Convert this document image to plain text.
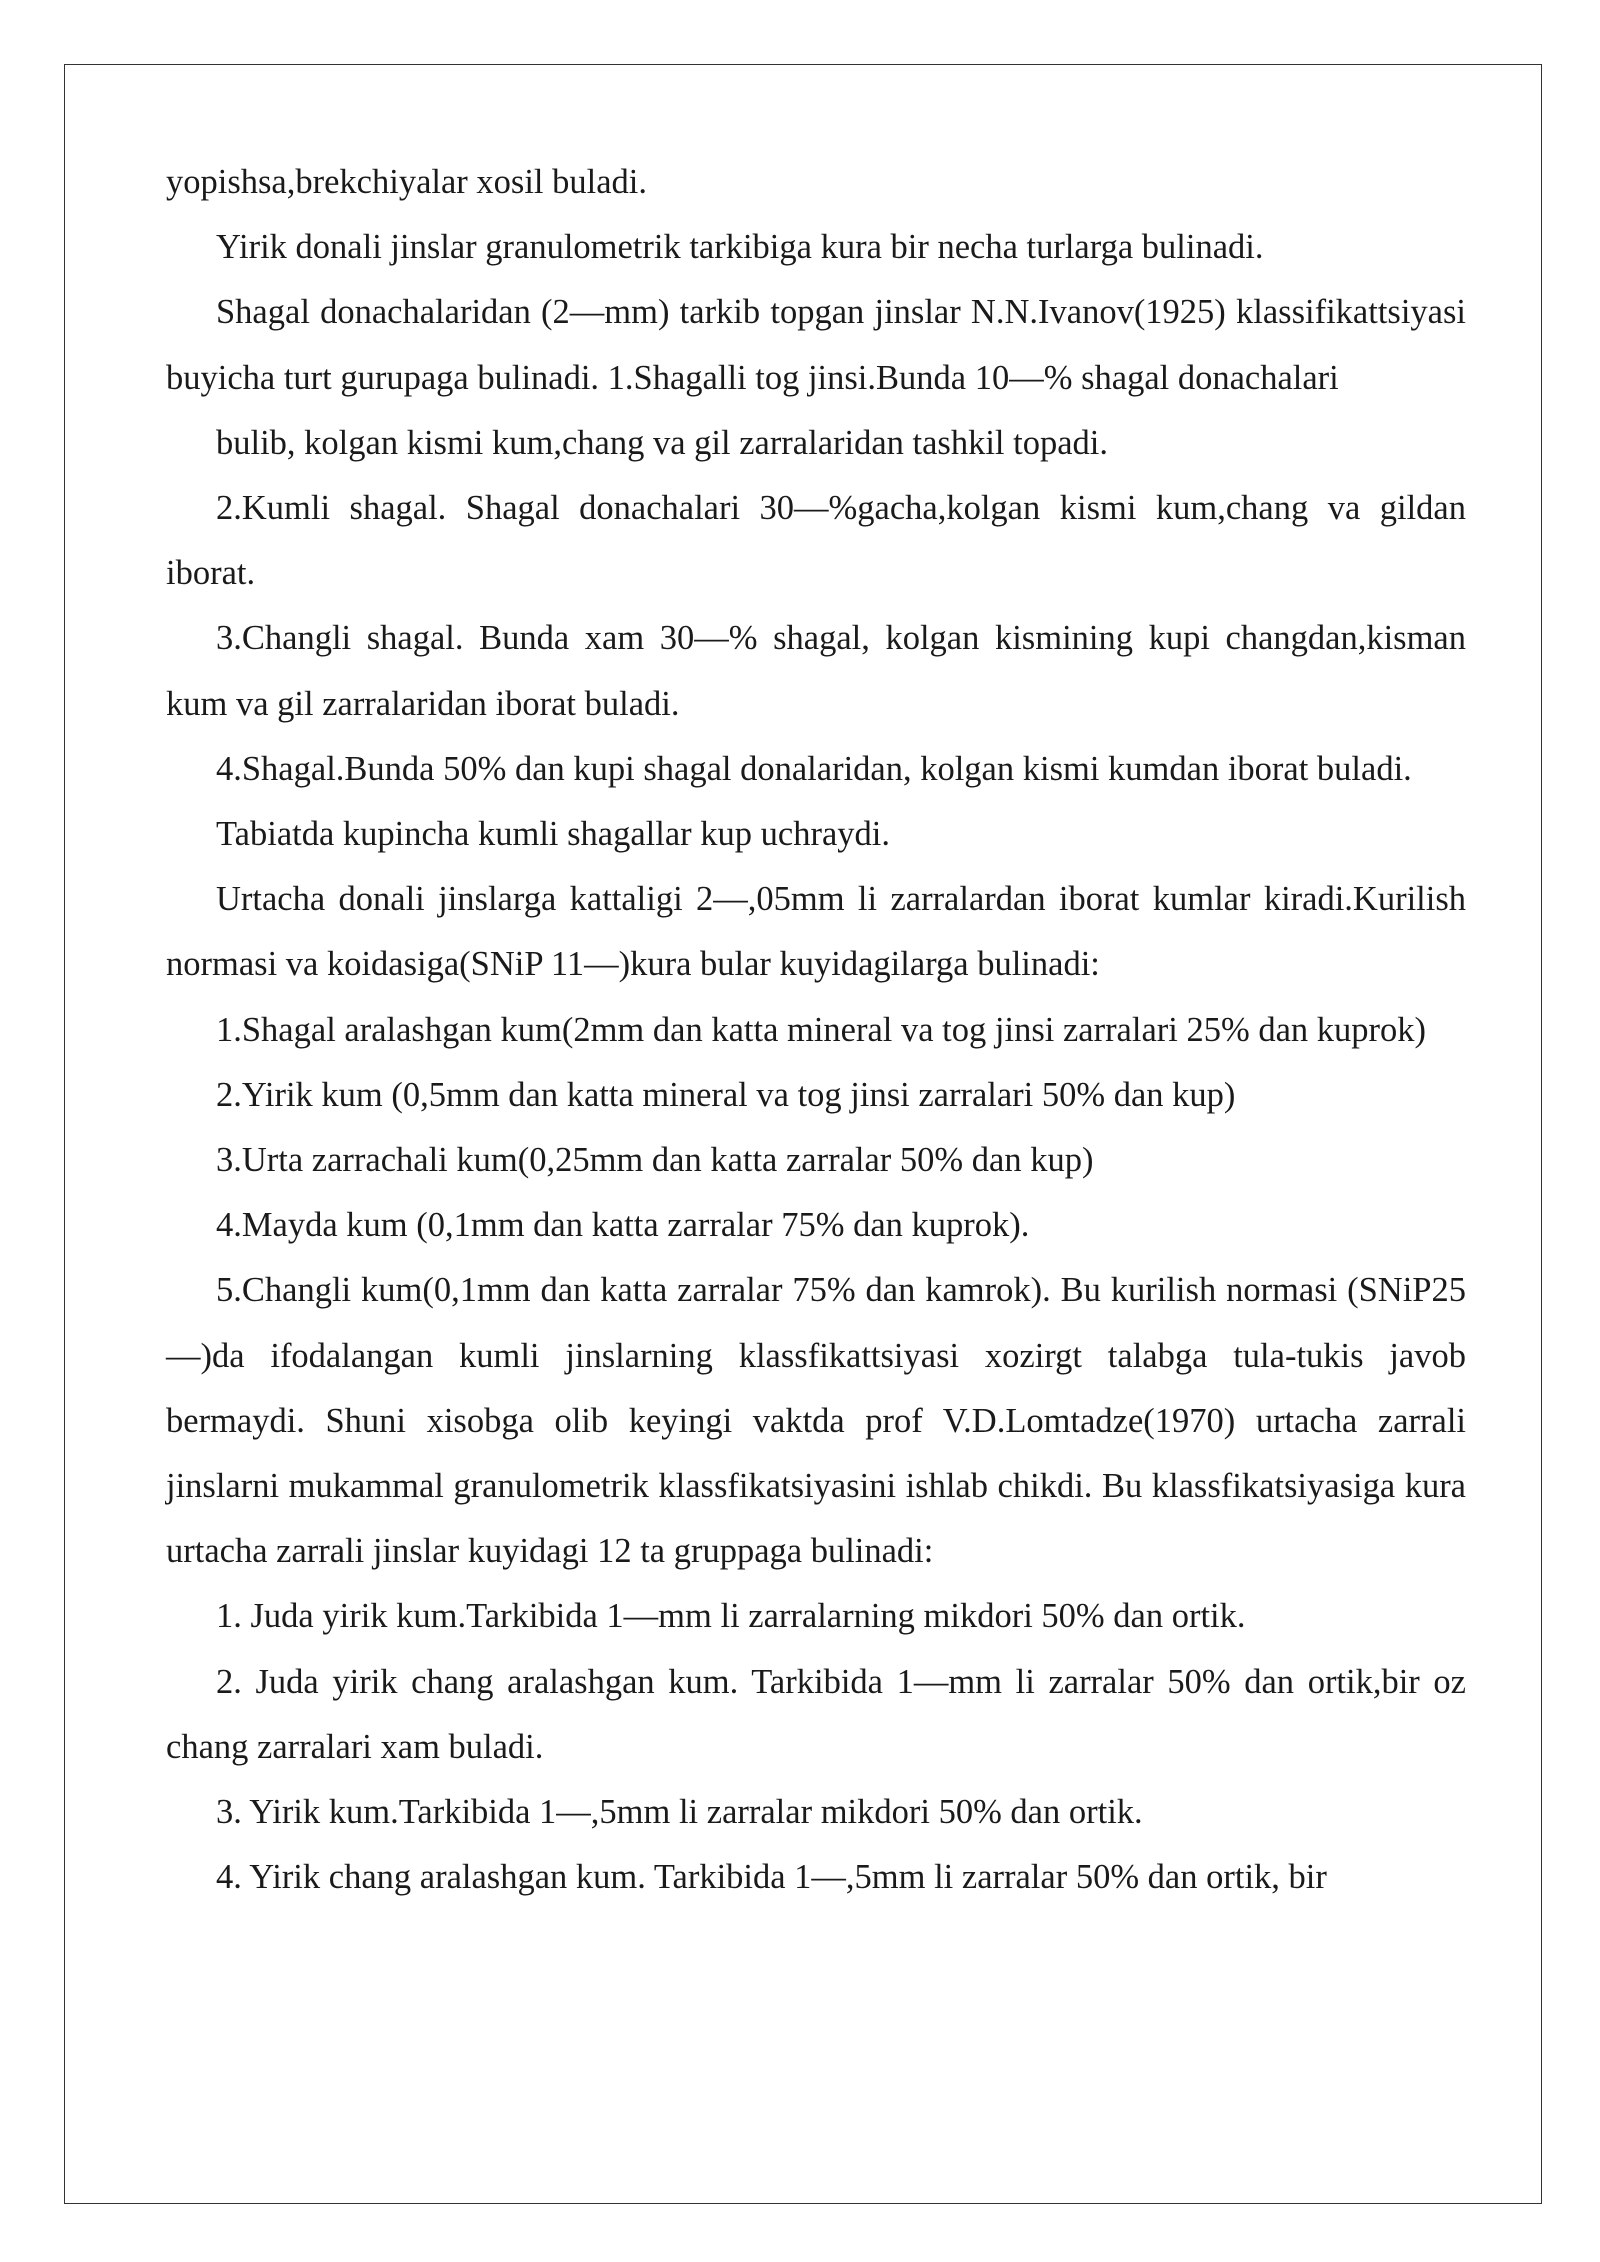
yopishsa,brekchiyalar xosil buladi.

Yirik donali jinslar granulometrik tarkibiga kura bir necha turlarga bulinadi.

Shagal donachalaridan (2—mm) tarkib topgan jinslar N.N.Ivanov(1925) klassifikattsiyasi buyicha turt gurupaga bulinadi. 1.Shagalli tog jinsi.Bunda 10—% shagal donachalari

bulib, kolgan kismi kum,chang va gil zarralaridan tashkil topadi.

2.Kumli shagal. Shagal donachalari 30—%gacha,kolgan kismi kum,chang va gildan iborat.

3.Changli shagal. Bunda xam 30—% shagal, kolgan kismining kupi changdan,kisman kum va gil zarralaridan iborat buladi.

4.Shagal.Bunda 50% dan kupi shagal donalaridan, kolgan kismi kumdan iborat buladi.

Tabiatda kupincha kumli shagallar kup uchraydi.

Urtacha donali jinslarga kattaligi 2—,05mm li zarralardan iborat kumlar kiradi.Kurilish normasi va koidasiga(SNiP 11—)kura bular kuyidagilarga bulinadi:

1.Shagal aralashgan kum(2mm dan katta mineral va tog jinsi zarralari 25% dan kuprok)

2.Yirik kum (0,5mm dan katta mineral va tog jinsi zarralari 50% dan kup)

3.Urta zarrachali kum(0,25mm dan katta zarralar 50% dan kup)

4.Mayda kum (0,1mm dan katta zarralar 75% dan kuprok).

5.Changli kum(0,1mm dan katta zarralar 75% dan kamrok). Bu kurilish normasi (SNiP25—)da ifodalangan kumli jinslarning klassfikattsiyasi xozirgt talabga tula-tukis javob bermaydi. Shuni xisobga olib keyingi vaktda prof V.D.Lomtadze(1970) urtacha zarrali jinslarni mukammal granulometrik klassfikatsiyasini ishlab chikdi. Bu klassfikatsiyasiga kura urtacha zarrali jinslar kuyidagi 12 ta gruppaga bulinadi:

1. Juda yirik kum.Tarkibida 1—mm li zarralarning mikdori 50% dan ortik.

2. Juda yirik chang aralashgan kum. Tarkibida 1—mm li zarralar 50% dan ortik,bir oz chang zarralari xam buladi.

3. Yirik kum.Tarkibida 1—,5mm li zarralar mikdori 50% dan ortik.

4. Yirik chang aralashgan kum. Tarkibida 1—,5mm li zarralar 50% dan ortik, bir
